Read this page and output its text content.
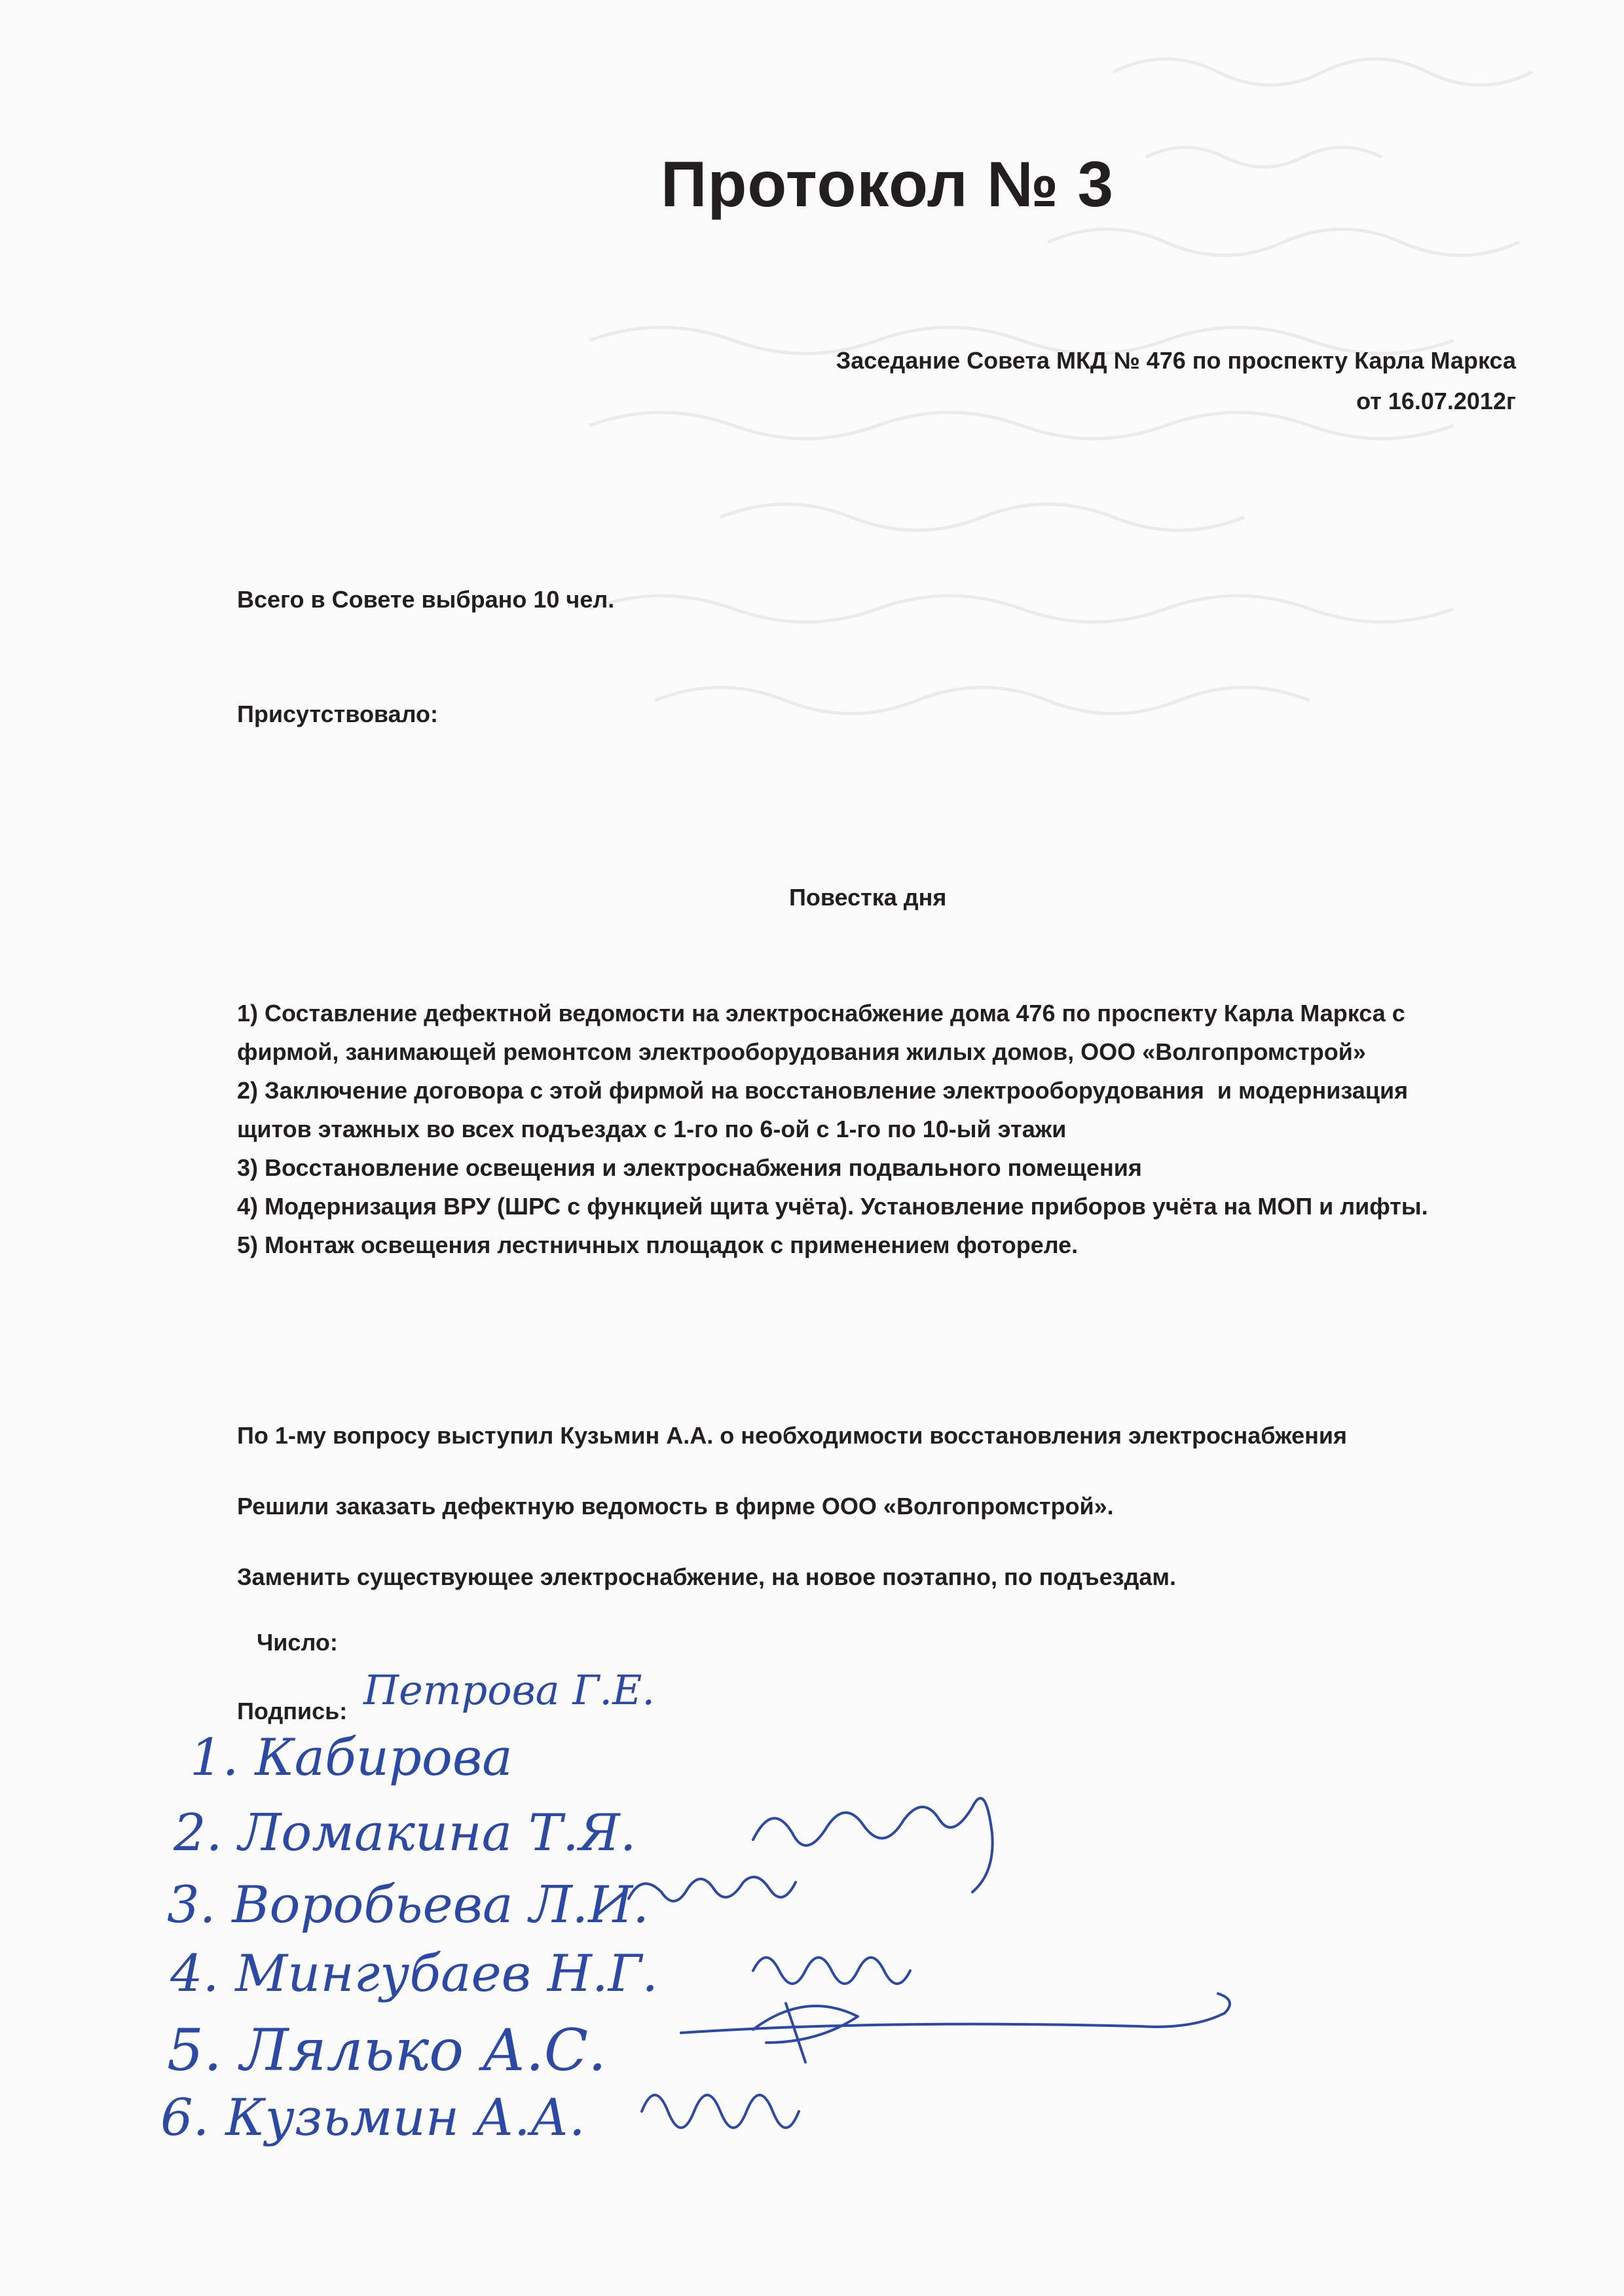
Протокол № 3
Заседание Совета МКД № 476 по проспекту Карла Маркса
от 16.07.2012г
Всего в Совете выбрано 10 чел.
Присутствовало:
Повестка дня

1) Составление дефектной ведомости на электроснабжение дома 476 по проспекту Карла Маркса с фирмой, занимающей ремонтсом электрооборудования жилых домов, ООО «Волгопромстрой»

2) Заключение договора с этой фирмой на восстановление электрооборудования  и модернизация щитов этажных во всех подъездах с 1-го по 6-ой с 1-го по 10-ый этажи

3) Восстановление освещения и электроснабжения подвального помещения

4) Модернизация ВРУ (ШРС с функцией щита учёта). Установление приборов учёта на МОП и лифты.

5) Монтаж освещения лестничных площадок с применением фотореле.

По 1-му вопросу выступил Кузьмин А.А. о необходимости восстановления электроснабжения
Решили заказать дефектную ведомость в фирме ООО «Волгопромстрой».
Заменить существующее электроснабжение, на новое поэтапно, по подъездам.
Число:
Подпись: Петрова Г.Е.
1. Кабирова
2. Ломакина Т.Я.
3. Воробьева Л.И.
4. Мингубаев Н.Г.
5. Лялько А.С.
6. Кузьмин А.А.
